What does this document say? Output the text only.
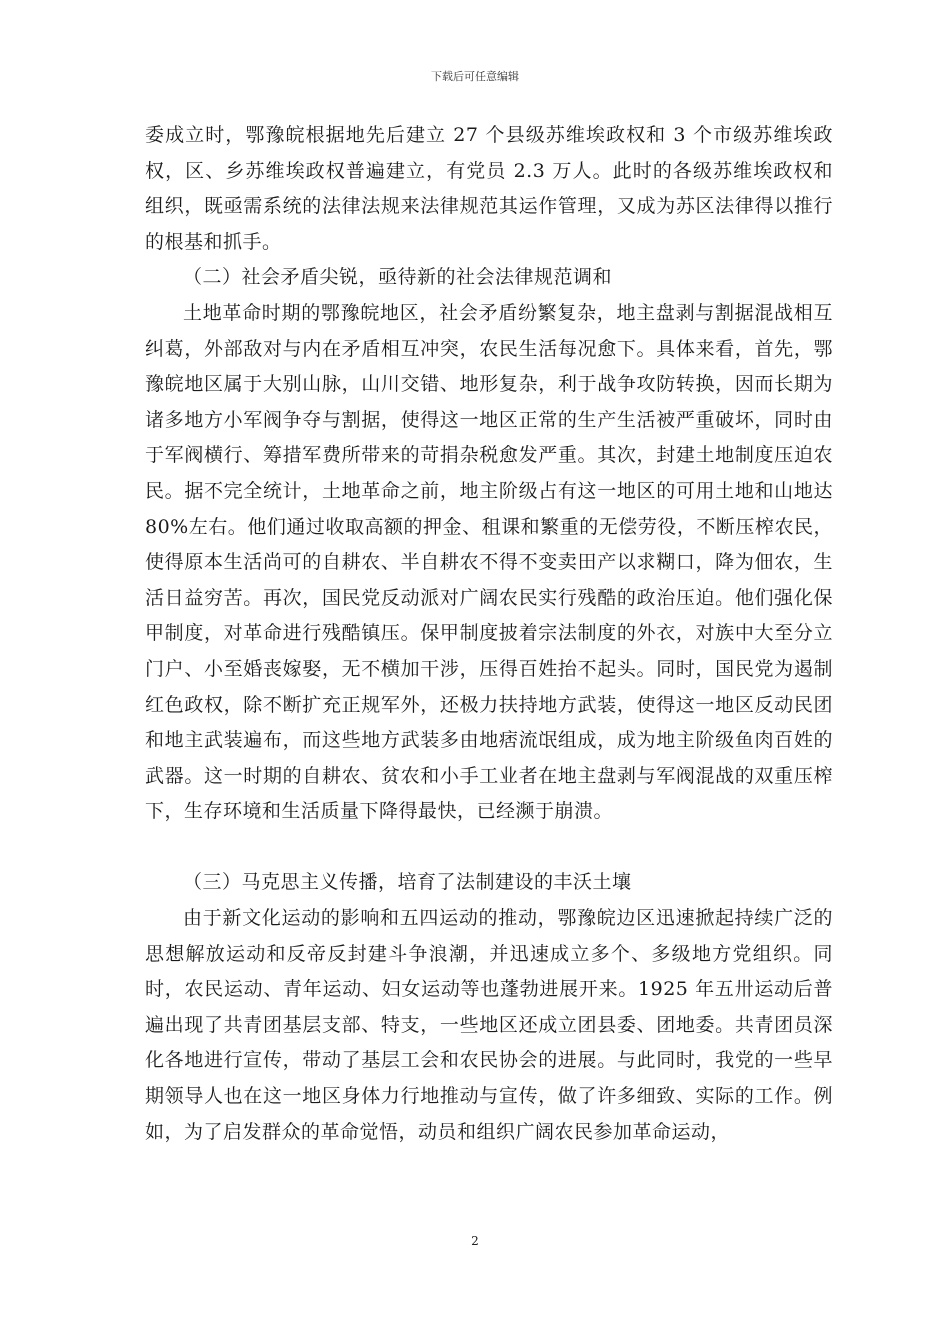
下载后可任意编辑

委成立时，鄂豫皖根据地先后建立 27 个县级苏维埃政权和 3 个市级苏维埃政权，区、乡苏维埃政权普遍建立，有党员 2.3 万人。此时的各级苏维埃政权和组织，既亟需系统的法律法规来法律规范其运作管理，又成为苏区法律得以推行的根基和抓手。

（二）社会矛盾尖锐，亟待新的社会法律规范调和

土地革命时期的鄂豫皖地区，社会矛盾纷繁复杂，地主盘剥与割据混战相互纠葛，外部敌对与内在矛盾相互冲突，农民生活每况愈下。具体来看，首先，鄂豫皖地区属于大别山脉，山川交错、地形复杂，利于战争攻防转换，因而长期为诸多地方小军阀争夺与割据，使得这一地区正常的生产生活被严重破坏，同时由于军阀横行、筹措军费所带来的苛捐杂税愈发严重。其次，封建土地制度压迫农民。据不完全统计，土地革命之前，地主阶级占有这一地区的可用土地和山地达 80%左右。他们通过收取高额的押金、租课和繁重的无偿劳役，不断压榨农民，使得原本生活尚可的自耕农、半自耕农不得不变卖田产以求糊口，降为佃农，生活日益穷苦。再次，国民党反动派对广阔农民实行残酷的政治压迫。他们强化保甲制度，对革命进行残酷镇压。保甲制度披着宗法制度的外衣，对族中大至分立门户、小至婚丧嫁娶，无不横加干涉，压得百姓抬不起头。同时，国民党为遏制红色政权，除不断扩充正规军外，还极力扶持地方武装，使得这一地区反动民团和地主武装遍布，而这些地方武装多由地痞流氓组成，成为地主阶级鱼肉百姓的武器。这一时期的自耕农、贫农和小手工业者在地主盘剥与军阀混战的双重压榨下，生存环境和生活质量下降得最快，已经濒于崩溃。

（三）马克思主义传播，培育了法制建设的丰沃土壤

由于新文化运动的影响和五四运动的推动，鄂豫皖边区迅速掀起持续广泛的思想解放运动和反帝反封建斗争浪潮，并迅速成立多个、多级地方党组织。同时，农民运动、青年运动、妇女运动等也蓬勃进展开来。1925 年五卅运动后普遍出现了共青团基层支部、特支，一些地区还成立团县委、团地委。共青团员深化各地进行宣传，带动了基层工会和农民协会的进展。与此同时，我党的一些早期领导人也在这一地区身体力行地推动与宣传，做了许多细致、实际的工作。例如，为了启发群众的革命觉悟，动员和组织广阔农民参加革命运动，

2
